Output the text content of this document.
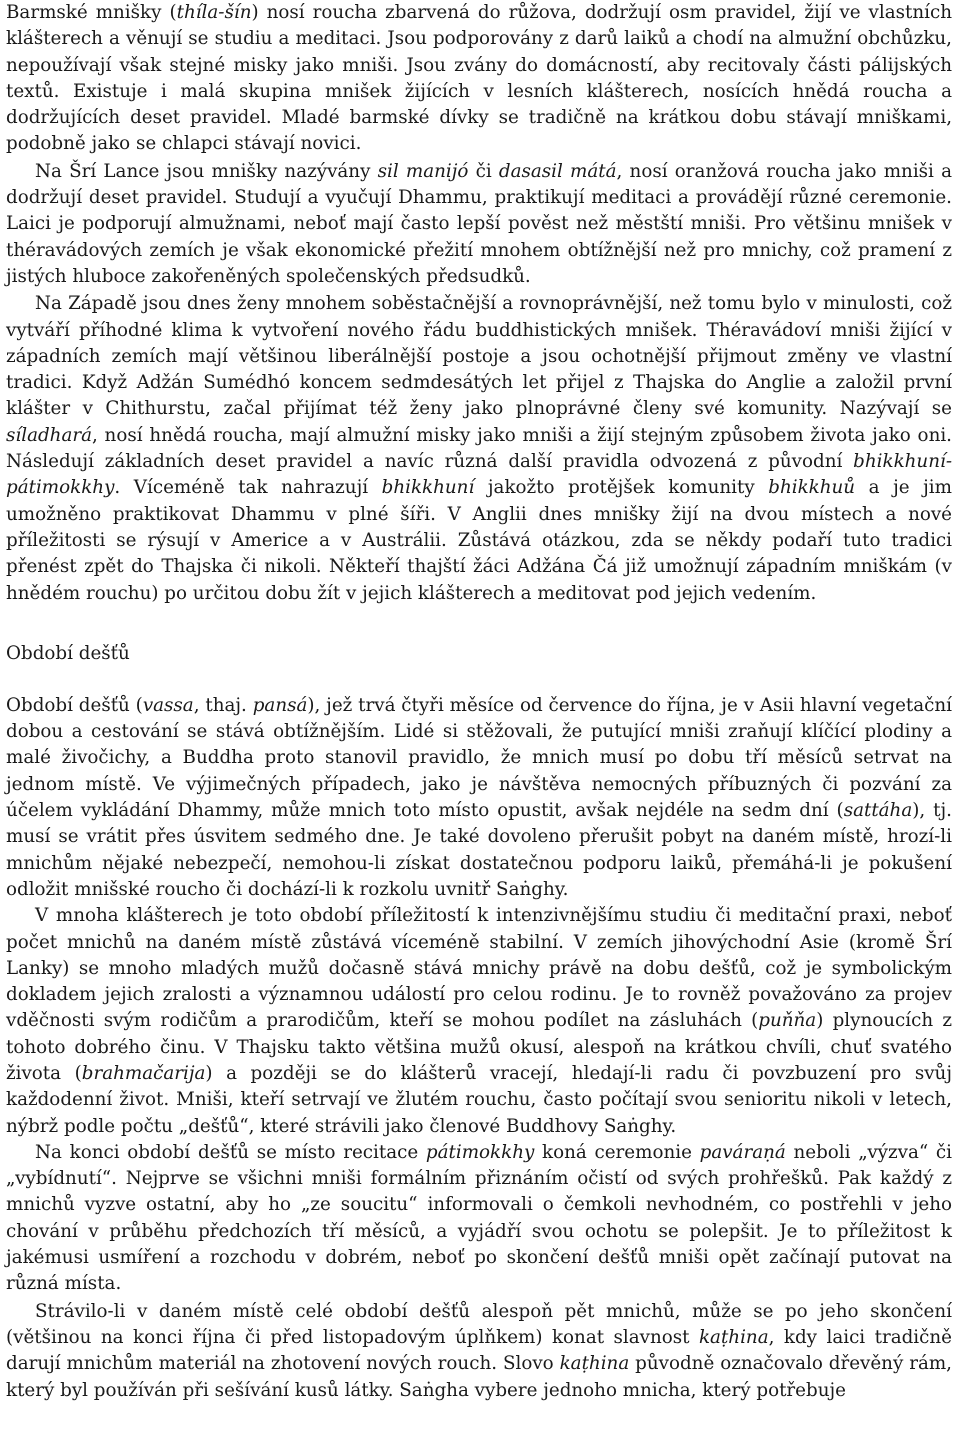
Barmské mnišky (thíla-šín) nosí roucha zbarvená do růžova, dodržují osm pravidel, žijí ve vlastních klášterech a věnují se studiu a meditaci. Jsou podporovány z darů laiků a chodí na almužní obchůzku, nepoužívají však stejné misky jako mniši. Jsou zvány do domácností, aby recitovaly části pálijských textů. Existuje i malá skupina mnišek žijících v lesních klášterech, nosících hnědá roucha a dodržujících deset pravidel. Mladé barmské dívky se tradičně na krátkou dobu stávají mniškami, podobně jako se chlapci stávají novici.

Na Šrí Lance jsou mnišky nazývány sil manijó či dasasil mátá, nosí oranžová roucha jako mniši a dodržují deset pravidel. Studují a vyučují Dhammu, praktikují meditaci a provádějí různé ceremonie. Laici je podporují almužnami, neboť mají často lepší pověst než městští mniši. Pro většinu mnišek v théravádových zemích je však ekonomické přežití mnohem obtížnější než pro mnichy, což pramení z jistých hluboce zakořeněných společenských předsudků.

Na Západě jsou dnes ženy mnohem soběstačnější a rovnoprávnější, než tomu bylo v minulosti, což vytváří příhodné klima k vytvoření nového řádu buddhistických mnišek. Théravádoví mniši žijící v západních zemích mají většinou liberálnější postoje a jsou ochotnější přijmout změny ve vlastní tradici. Když Adžán Sumédhó koncem sedmdesátých let přijel z Thajska do Anglie a založil první klášter v Chithurstu, začal přijímat též ženy jako plnoprávné členy své komunity. Nazývají se síladhará, nosí hnědá roucha, mají almužní misky jako mniši a žijí stejným způsobem života jako oni. Následují základních deset pravidel a navíc různá další pravidla odvozená z původní bhikkhuní-pátimokkhy. Víceméně tak nahrazují bhikkhuní jakožto protějšek komunity bhikkhuů a je jim umožněno praktikovat Dhammu v plné šíři. V Anglii dnes mnišky žijí na dvou místech a nové příležitosti se rýsují v Americe a v Austrálii. Zůstává otázkou, zda se někdy podaří tuto tradici přenést zpět do Thajska či nikoli. Někteří thajští žáci Adžána Čá již umožnují západním mniškám (v hnědém rouchu) po určitou dobu žít v jejich klášterech a meditovat pod jejich vedením.

Období dešťů

Období dešťů (vassa, thaj. pansá), jež trvá čtyři měsíce od července do října, je v Asii hlavní vegetační dobou a cestování se stává obtížnějším. Lidé si stěžovali, že putující mniši zraňují klíčící plodiny a malé živočichy, a Buddha proto stanovil pravidlo, že mnich musí po dobu tří měsíců setrvat na jednom místě. Ve výjimečných případech, jako je návštěva nemocných příbuzných či pozvání za účelem vykládání Dhammy, může mnich toto místo opustit, avšak nejdéle na sedm dní (sattáha), tj. musí se vrátit přes úsvitem sedmého dne. Je také dovoleno přerušit pobyt na daném místě, hrozí-li mnichům nějaké nebezpečí, nemohou-li získat dostatečnou podporu laiků, přemáhá-li je pokušení odložit mnišské roucho či dochází-li k rozkolu uvnitř Saṅghy.

V mnoha klášterech je toto období příležitostí k intenzivnějšímu studiu či meditační praxi, neboť počet mnichů na daném místě zůstává víceméně stabilní. V zemích jihovýchodní Asie (kromě Šrí Lanky) se mnoho mladých mužů dočasně stává mnichy právě na dobu dešťů, což je symbolickým dokladem jejich zralosti a významnou událostí pro celou rodinu. Je to rovněž považováno za projev vděčnosti svým rodičům a prarodičům, kteří se mohou podílet na zásluhách (puňňa) plynoucích z tohoto dobrého činu. V Thajsku takto většina mužů okusí, alespoň na krátkou chvíli, chuť svatého života (brahmačarija) a později se do klášterů vracejí, hledají-li radu či povzbuzení pro svůj každodenní život. Mniši, kteří setrvají ve žlutém rouchu, často počítají svou senioritu nikoli v letech, nýbrž podle počtu „dešťů“, které strávili jako členové Buddhovy Saṅghy.

Na konci období dešťů se místo recitace pátimokkhy koná ceremonie paváraṇá neboli „výzva“ či „vybídnutí“. Nejprve se všichni mniši formálním přiznáním očistí od svých prohřešků. Pak každý z mnichů vyzve ostatní, aby ho „ze soucitu“ informovali o čemkoli nevhodném, co postřehli v jeho chování v průběhu předchozích tří měsíců, a vyjádří svou ochotu se polepšit. Je to příležitost k jakémusi usmíření a rozchodu v dobrém, neboť po skončení dešťů mniši opět začínají putovat na různá místa.

Strávilo-li v daném místě celé období dešťů alespoň pět mnichů, může se po jeho skončení (většinou na konci října či před listopadovým úplňkem) konat slavnost kaṭhina, kdy laici tradičně darují mnichům materiál na zhotovení nových rouch. Slovo kaṭhina původně označovalo dřevěný rám, který byl používán při sešívání kusů látky. Saṅgha vybere jednoho mnicha, který potřebuje
